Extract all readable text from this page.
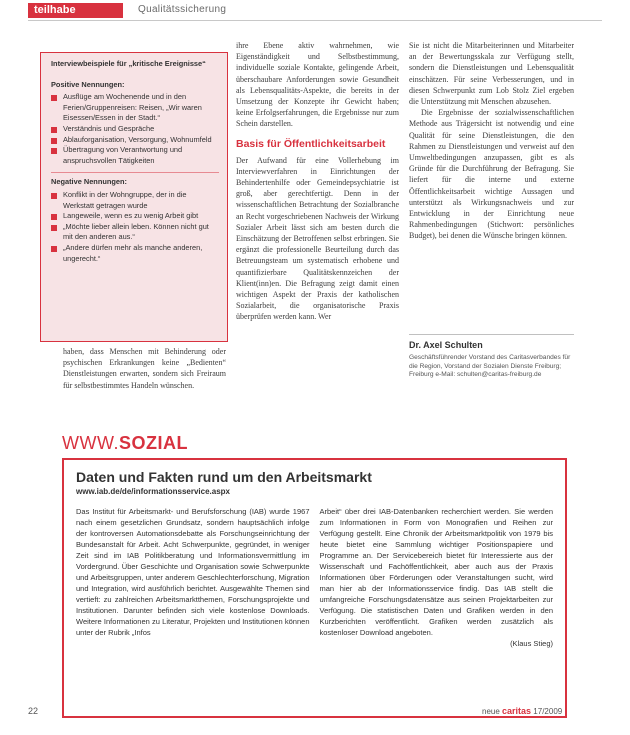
teilhabe	Qualitätssicherung
Interviewbeispiele für „kritische Ereignisse“
Positive Nennungen:
Ausflüge am Wochenende und in den Ferien/Gruppenreisen: Reisen, „Wir waren Eisessen/Essen in der Stadt.“
Verständnis und Gespräche
Ablauforganisation, Versorgung, Wohnumfeld
Übertragung von Verantwortung und anspruchsvollen Tätigkeiten
Negative Nennungen:
Konflikt in der Wohngruppe, der in die Werkstatt getragen wurde
Langeweile, wenn es zu wenig Arbeit gibt
„Möchte lieber allein leben. Können nicht gut mit den anderen aus.“
„Andere dürfen mehr als manche anderen, ungerecht.“
haben, dass Menschen mit Behinderung oder psychischen Erkrankungen keine „Bedienten“ Dienstleistungen erwarten, sondern sich Freiraum für selbstbestimmtes Handeln wünschen.
ihre Ebene aktiv wahrnehmen, wie Eigenständigkeit und Selbstbestimmung, individuelle soziale Kontakte, gelingende Arbeit, überschaubare Anforderungen sowie Gesundheit als Lebensqualitäts-Aspekte, die bereits in der Umsetzung der Konzepte ihr Gewicht haben; keine Erfolgserfahrungen, die Ergebnisse nur zum Schein darstellen.
Basis für Öffentlichkeitsarbeit
Der Aufwand für eine Vollerhebung im Interviewverfahren in Einrichtungen der Behindertenhilfe oder Gemeindepsychiatrie ist groß, aber gerechtfertigt. Denn in der wissenschaftlichen Betrachtung der Sozialbranche an Recht vorgeschriebenen Nachweis der Wirkung Sozialer Arbeit lässt sich am besten durch die Einschätzung der Betroffenen selbst erbringen. Sie ergänzt die professionelle Beurteilung durch das Betreuungsteam um systematisch erhobene und quantifizierbare Qualitätskennzeichen der Klient(inn)en. Die Befragung zeigt damit einen wichtigen Aspekt der Praxis der katholischen Sozialarbeit, die organisatorische Praxis überprüfen werden kann. Wer
Sie ist nicht die Mitarbeiterinnen und Mitarbeiter an der Bewertungsskala zur Verfügung stellt, sondern die Dienstleistungen und Lebensqualität einschätzen. Für seine Verbesserungen, und in diesen Schwerpunkt zum Lob Stolz Ziel ergeben die Unterstützung mit Menschen abzusehen.
Die Ergebnisse der sozialwissenschaftlichen Methode aus Trägersicht ist notwendig und eine Qualität für seine Dienstleistungen, die den Rahmen zu Dienstleistungen und verweist auf den Umweltbedingungen anzupassen, gibt es als Gründe für die Durchführung der Befragung. Sie liefert für die interne und externe Öffentlichkeitsarbeit wichtige Aussagen und unterstützt als Wirkungsnachweis und zur Entwicklung in der Einrichtung neue Rahmenbedingungen (Stichwort: persönliches Budget), bei denen die Wünsche bringen können.
Dr. Axel Schulten
Geschäftsführender Vorstand des Caritasverbandes für die Region, Vorstand der Sozialen Dienste Freiburg; Freiburg e-Mail: schulten@caritas-freiburg.de
WWW.SOZIAL
Daten und Fakten rund um den Arbeitsmarkt
www.iab.de/de/informationsservice.aspx
Das Institut für Arbeitsmarkt- und Berufsforschung (IAB) wurde 1967 nach einem gesetzlichen Grundsatz, sondern hauptsächlich infolge der kontroversen Automationsdebatte als Forschungseinrichtung der Bundesanstalt für Arbeit. Acht Schwerpunkte, gegründet, in weniger Zeit sind im IAB Politikberatung und Informationsvermittlung im Vordergrund. Über Geschichte und Organisation sowie Schwerpunkte und Arbeitsgruppen, unter anderem Geschlechterforschung, Migration und Integration, wird ausführlich berichtet. Ausgewählte Themen sind vertieft: zu zahlreichen Arbeitsmarktthemen, Forschungsprojekte und Institutionen. Darunter befinden sich viele kostenlose Downloads. Weitere Informationen zu Literatur, Projekten und Institutionen können unter der Rubrik „Infos
Arbeit“ über drei IAB-Datenbanken recherchiert werden. Sie werden zum Informationen in Form von Monografien und Reihen zur Verfügung gestellt. Eine Chronik der Arbeitsmarktpolitik von 1979 bis heute bietet eine Sammlung wichtiger Positionspapiere und Programme an. Der Servicebereich bietet für Interessierte aus der Wissenschaft und Fachöffentlichkeit, aber auch aus der Praxis Informationen über Förderungen oder Veranstaltungen sucht, wird man hier ab der Informationsservice findig. Das IAB stellt die umfangreiche Forschungsdatensätze aus seinen Projektarbeiten zur Verfügung. Die statistischen Daten und Grafiken werden in den Kurzberichten veröffentlicht. Grafiken werden zusätzlich als kostenloser Download angeboten.
(Klaus Stieg)
22	neue caritas 17/2009
